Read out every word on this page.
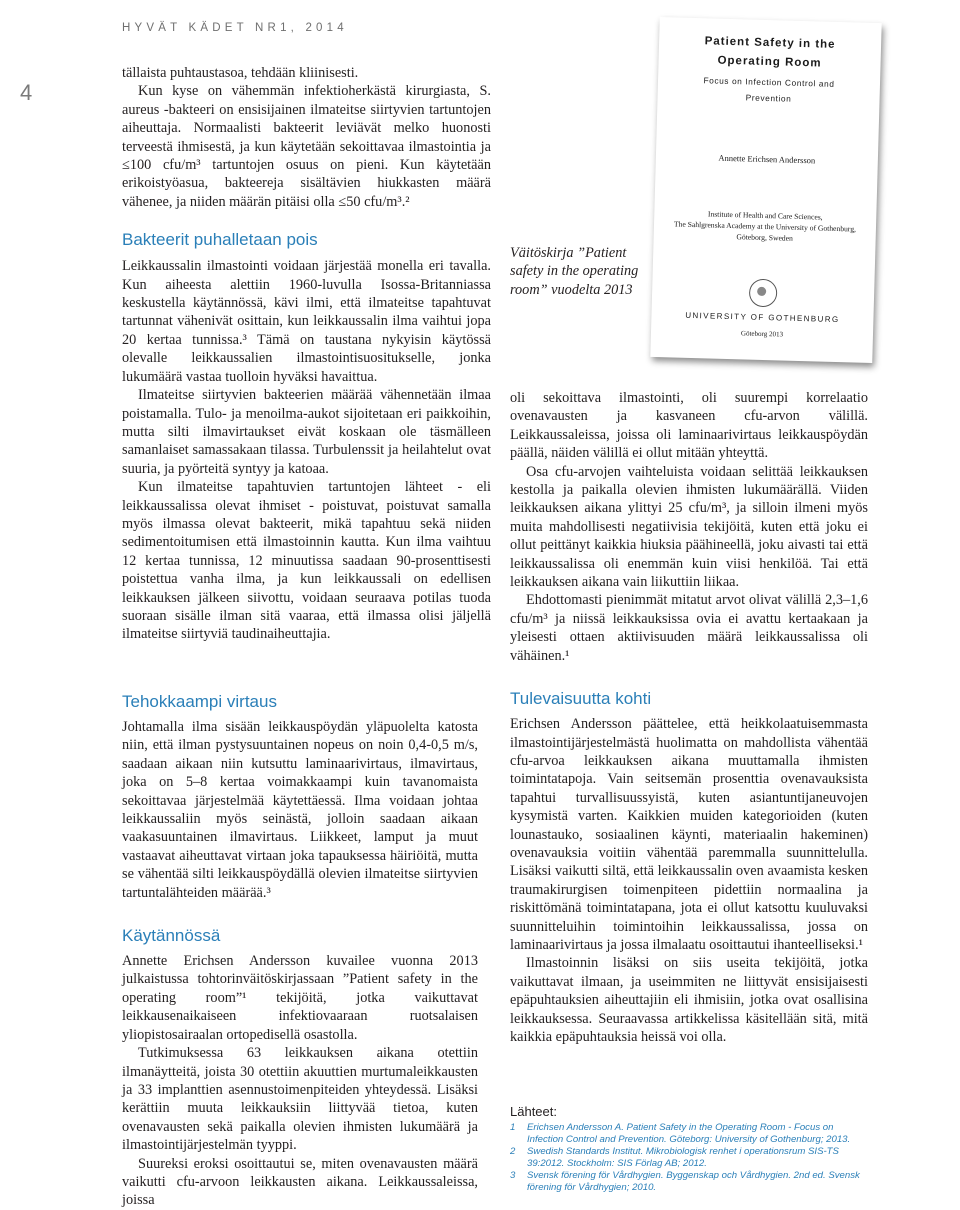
HYVÄT KÄDET NR1, 2014
4

tällaista puhtaustasoa, tehdään kliinisesti.

Kun kyse on vähemmän infektioherkästä kirurgiasta, S. aureus -bakteeri on ensisijainen ilmateitse siirtyvien tartuntojen aiheuttaja. Normaalisti bakteerit leviävät melko huonosti terveestä ihmisestä, ja kun käytetään sekoittavaa ilmastointia ja ≤100 cfu/m³ tartuntojen osuus on pieni. Kun käytetään erikoistyöasua, bakteereja sisältävien hiukkasten määrä vähenee, ja niiden määrän pitäisi olla ≤50 cfu/m³.²

Bakteerit puhalletaan pois

Leikkaussalin ilmastointi voidaan järjestää monella eri tavalla. Kun aiheesta alettiin 1960-luvulla Isossa-Britanniassa keskustella käytännössä, kävi ilmi, että ilmateitse tapahtuvat tartunnat vähenivät osittain, kun leikkaussalin ilma vaihtui jopa 20 kertaa tunnissa.³ Tämä on taustana nykyisin käytössä olevalle leikkaussalien ilmastointisuositukselle, jonka lukumäärä vastaa tuolloin hyväksi havaittua.

Ilmateitse siirtyvien bakteerien määrää vähennetään ilmaa poistamalla. Tulo- ja menoilma-aukot sijoitetaan eri paikkoihin, mutta silti ilmavirtaukset eivät koskaan ole täsmälleen samanlaiset samassakaan tilassa. Turbulenssit ja heilahtelut ovat suuria, ja pyörteitä syntyy ja katoaa.

Kun ilmateitse tapahtuvien tartuntojen lähteet - eli leikkaussalissa olevat ihmiset - poistuvat, poistuvat samalla myös ilmassa olevat bakteerit, mikä tapahtuu sekä niiden sedimentoitumisen että ilmastoinnin kautta. Kun ilma vaihtuu 12 kertaa tunnissa, 12 minuutissa saadaan 90-prosenttisesti poistettua vanha ilma, ja kun leikkaussali on edellisen leikkauksen jälkeen siivottu, voidaan seuraava potilas tuoda suoraan sisälle ilman sitä vaaraa, että ilmassa olisi jäljellä ilmateitse siirtyviä taudinaiheuttajia.

Tehokkaampi virtaus

Johtamalla ilma sisään leikkauspöydän yläpuolelta katosta niin, että ilman pystysuuntainen nopeus on noin 0,4-0,5 m/s, saadaan aikaan niin kutsuttu laminaarivirtaus, ilmavirtaus, joka on 5–8 kertaa voimakkaampi kuin tavanomaista sekoittavaa järjestelmää käytettäessä. Ilma voidaan johtaa leikkaussaliin myös seinästä, jolloin saadaan aikaan vaakasuuntainen ilmavirtaus. Liikkeet, lamput ja muut vastaavat aiheuttavat virtaan joka tapauksessa häiriöitä, mutta se vähentää silti leikkauspöydällä olevien ilmateitse siirtyvien tartuntalähteiden määrää.³

Käytännössä

Annette Erichsen Andersson kuvailee vuonna 2013 julkaistussa tohtorinväitöskirjassaan ”Patient safety in the operating room”¹ tekijöitä, jotka vaikuttavat leikkausenaikaiseen infektiovaaraan ruotsalaisen yliopistosairaalan ortopedisellä osastolla.

Tutkimuksessa 63 leikkauksen aikana otettiin ilmanäytteitä, joista 30 otettiin akuuttien murtumaleikkausten ja 33 implanttien asennustoimenpiteiden yhteydessä. Lisäksi kerättiin muuta leikkauksiin liittyvää tietoa, kuten ovenavausten sekä paikalla olevien ihmisten lukumäärä ja ilmastointijärjestelmän tyyppi.

Suureksi eroksi osoittautui se, miten ovenavausten määrä vaikutti cfu-arvoon leikkausten aikana. Leikkaussaleissa, joissa

Patient Safety in the
Operating Room
Focus on Infection Control and
Prevention
Annette Erichsen Andersson
Institute of Health and Care Sciences,
The Sahlgrenska Academy at the University of Gothenburg,
Göteborg, Sweden
UNIVERSITY OF GOTHENBURG
Göteborg 2013
Väitöskirja ”Patient safety in the operating room” vuodelta 2013

oli sekoittava ilmastointi, oli suurempi korrelaatio ovenavausten ja kasvaneen cfu-arvon välillä. Leikkaussaleissa, joissa oli laminaarivirtaus leikkauspöydän päällä, näiden välillä ei ollut mitään yhteyttä.

Osa cfu-arvojen vaihteluista voidaan selittää leikkauksen kestolla ja paikalla olevien ihmisten lukumäärällä. Viiden leikkauksen aikana ylittyi 25 cfu/m³, ja silloin ilmeni myös muita mahdollisesti negatiivisia tekijöitä, kuten että joku ei ollut peittänyt kaikkia hiuksia päähineellä, joku aivasti tai että leikkaussalissa oli enemmän kuin viisi henkilöä. Tai että leikkauksen aikana vain liikuttiin liikaa.

Ehdottomasti pienimmät mitatut arvot olivat välillä 2,3–1,6 cfu/m³ ja niissä leikkauksissa ovia ei avattu kertaakaan ja yleisesti ottaen aktiivisuuden määrä leikkaussalissa oli vähäinen.¹

Tulevaisuutta kohti

Erichsen Andersson päättelee, että heikkolaatuisemmasta ilmastointijärjestelmästä huolimatta on mahdollista vähentää cfu-arvoa leikkauksen aikana muuttamalla ihmisten toimintatapoja. Vain seitsemän prosenttia ovenavauksista tapahtui turvallisuussyistä, kuten asiantuntijaneuvojen kysymistä varten. Kaikkien muiden kategorioiden (kuten lounastauko, sosiaalinen käynti, materiaalin hakeminen) ovenavauksia voitiin vähentää paremmalla suunnittelulla. Lisäksi vaikutti siltä, että leikkaussalin oven avaamista kesken traumakirurgisen toimenpiteen pidettiin normaalina ja riskittömänä toimintatapana, jota ei ollut katsottu kuuluvaksi suunnitteluihin toimintoihin leikkaussalissa, jossa on laminaarivirtaus ja jossa ilmalaatu osoittautui ihanteelliseksi.¹

Ilmastoinnin lisäksi on siis useita tekijöitä, jotka vaikuttavat ilmaan, ja useimmiten ne liittyvät ensisijaisesti epäpuhtauksien aiheuttajiin eli ihmisiin, jotka ovat osallisina leikkauksessa. Seuraavassa artikkelissa käsitellään sitä, mitä kaikkia epäpuhtauksia heissä voi olla.

Lähteet:
1 Erichsen Andersson A. Patient Safety in the Operating Room - Focus on Infection Control and Prevention. Göteborg: University of Gothenburg; 2013.
2 Swedish Standards Institut. Mikrobiologisk renhet i operationsrum SIS-TS 39:2012. Stockholm: SIS Förlag AB; 2012.
3 Svensk förening för Vårdhygien. Byggenskap och Vårdhygien. 2nd ed. Svensk förening för Vårdhygien; 2010.
